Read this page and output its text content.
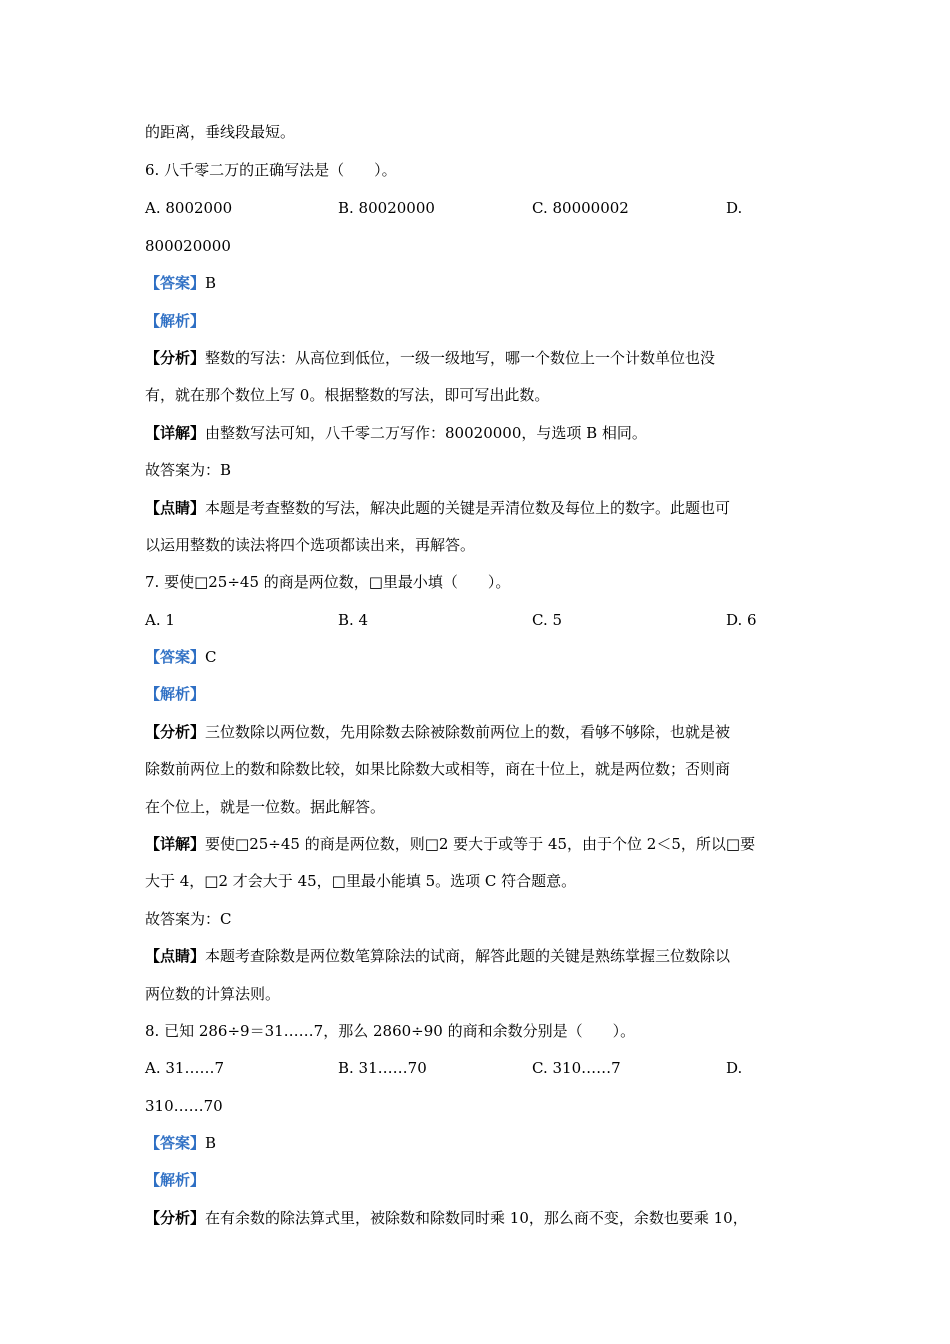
的距离，垂线段最短。
6. 八千零二万的正确写法是（　　）。
A. 8002000	B. 80020000	C. 80000002	D.
800020000
【答案】B
【解析】
【分析】整数的写法：从高位到低位，一级一级地写，哪一个数位上一个计数单位也没
有，就在那个数位上写 0。根据整数的写法，即可写出此数。
【详解】由整数写法可知，八千零二万写作：80020000，与选项 B 相同。
故答案为：B
【点睛】本题是考查整数的写法，解决此题的关键是弄清位数及每位上的数字。此题也可
以运用整数的读法将四个选项都读出来，再解答。
7. 要使□25÷45 的商是两位数，□里最小填（　　）。
A. 1	B. 4	C. 5	D. 6
【答案】C
【解析】
【分析】三位数除以两位数，先用除数去除被除数前两位上的数，看够不够除，也就是被
除数前两位上的数和除数比较，如果比除数大或相等，商在十位上，就是两位数；否则商
在个位上，就是一位数。据此解答。
【详解】要使□25÷45 的商是两位数，则□2 要大于或等于 45，由于个位 2＜5，所以□要
大于 4，□2 才会大于 45，□里最小能填 5。选项 C 符合题意。
故答案为：C
【点睛】本题考查除数是两位数笔算除法的试商，解答此题的关键是熟练掌握三位数除以
两位数的计算法则。
8. 已知 286÷9＝31……7，那么 2860÷90 的商和余数分别是（　　）。
A. 31……7	B. 31……70	C. 310……7	D.
310……70
【答案】B
【解析】
【分析】在有余数的除法算式里，被除数和除数同时乘 10，那么商不变，余数也要乘 10，
